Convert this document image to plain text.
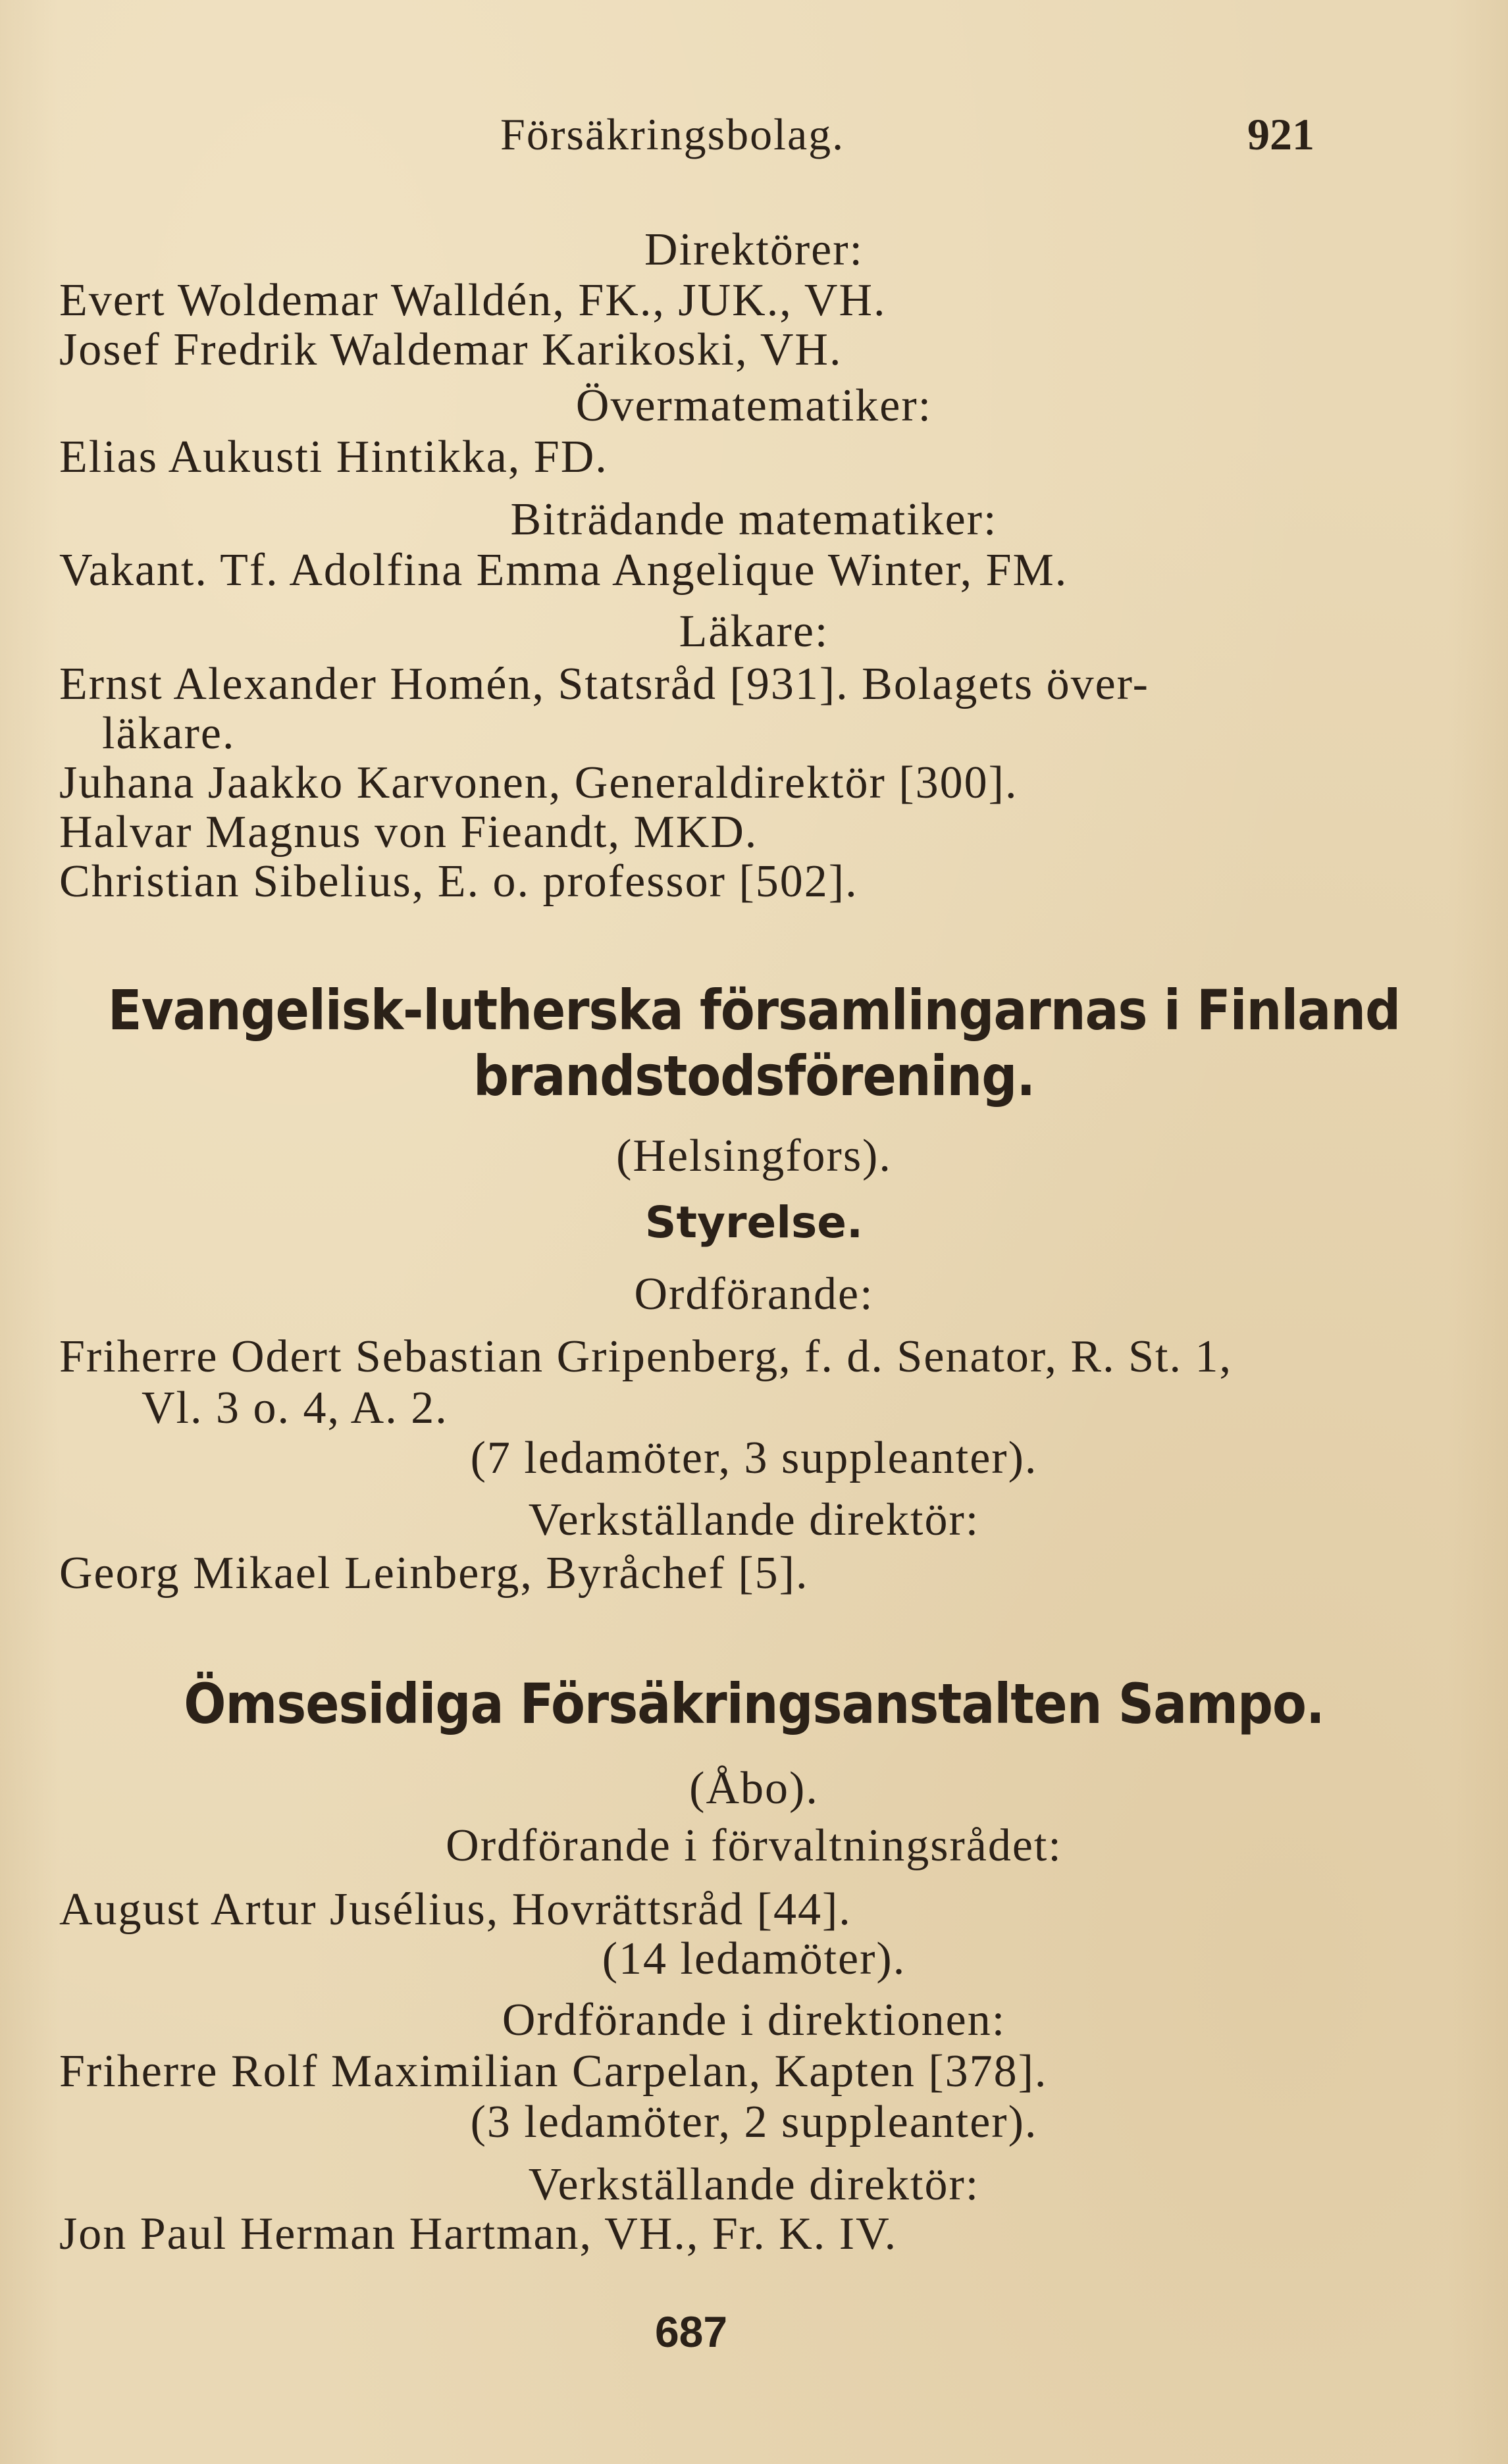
Försäkringsbolag.	921
Direktörer:
Evert Woldemar Walldén, FK., JUK., VH.
Josef Fredrik Waldemar Karikoski, VH.
Övermatematiker:
Elias Aukusti Hintikka, FD.
Biträdande matematiker:
Vakant. Tf. Adolfina Emma Angelique Winter, FM.
Läkare:
Ernst Alexander Homén, Statsråd [931]. Bolagets över-
läkare.
Juhana Jaakko Karvonen, Generaldirektör [300].
Halvar Magnus von Fieandt, MKD.
Christian Sibelius, E. o. professor [502].
Evangelisk-lutherska församlingarnas i Finland
brandstodsförening.
(Helsingfors).
Styrelse.
Ordförande:
Friherre Odert Sebastian Gripenberg, f. d. Senator, R. St. 1,
Vl. 3 o. 4, A. 2.
(7 ledamöter, 3 suppleanter).
Verkställande direktör:
Georg Mikael Leinberg, Byråchef [5].
Ömsesidiga Försäkringsanstalten Sampo.
(Åbo).
Ordförande i förvaltningsrådet:
August Artur Jusélius, Hovrättsråd [44].
(14 ledamöter).
Ordförande i direktionen:
Friherre Rolf Maximilian Carpelan, Kapten [378].
(3 ledamöter, 2 suppleanter).
Verkställande direktör:
Jon Paul Herman Hartman, VH., Fr. K. IV.
687
